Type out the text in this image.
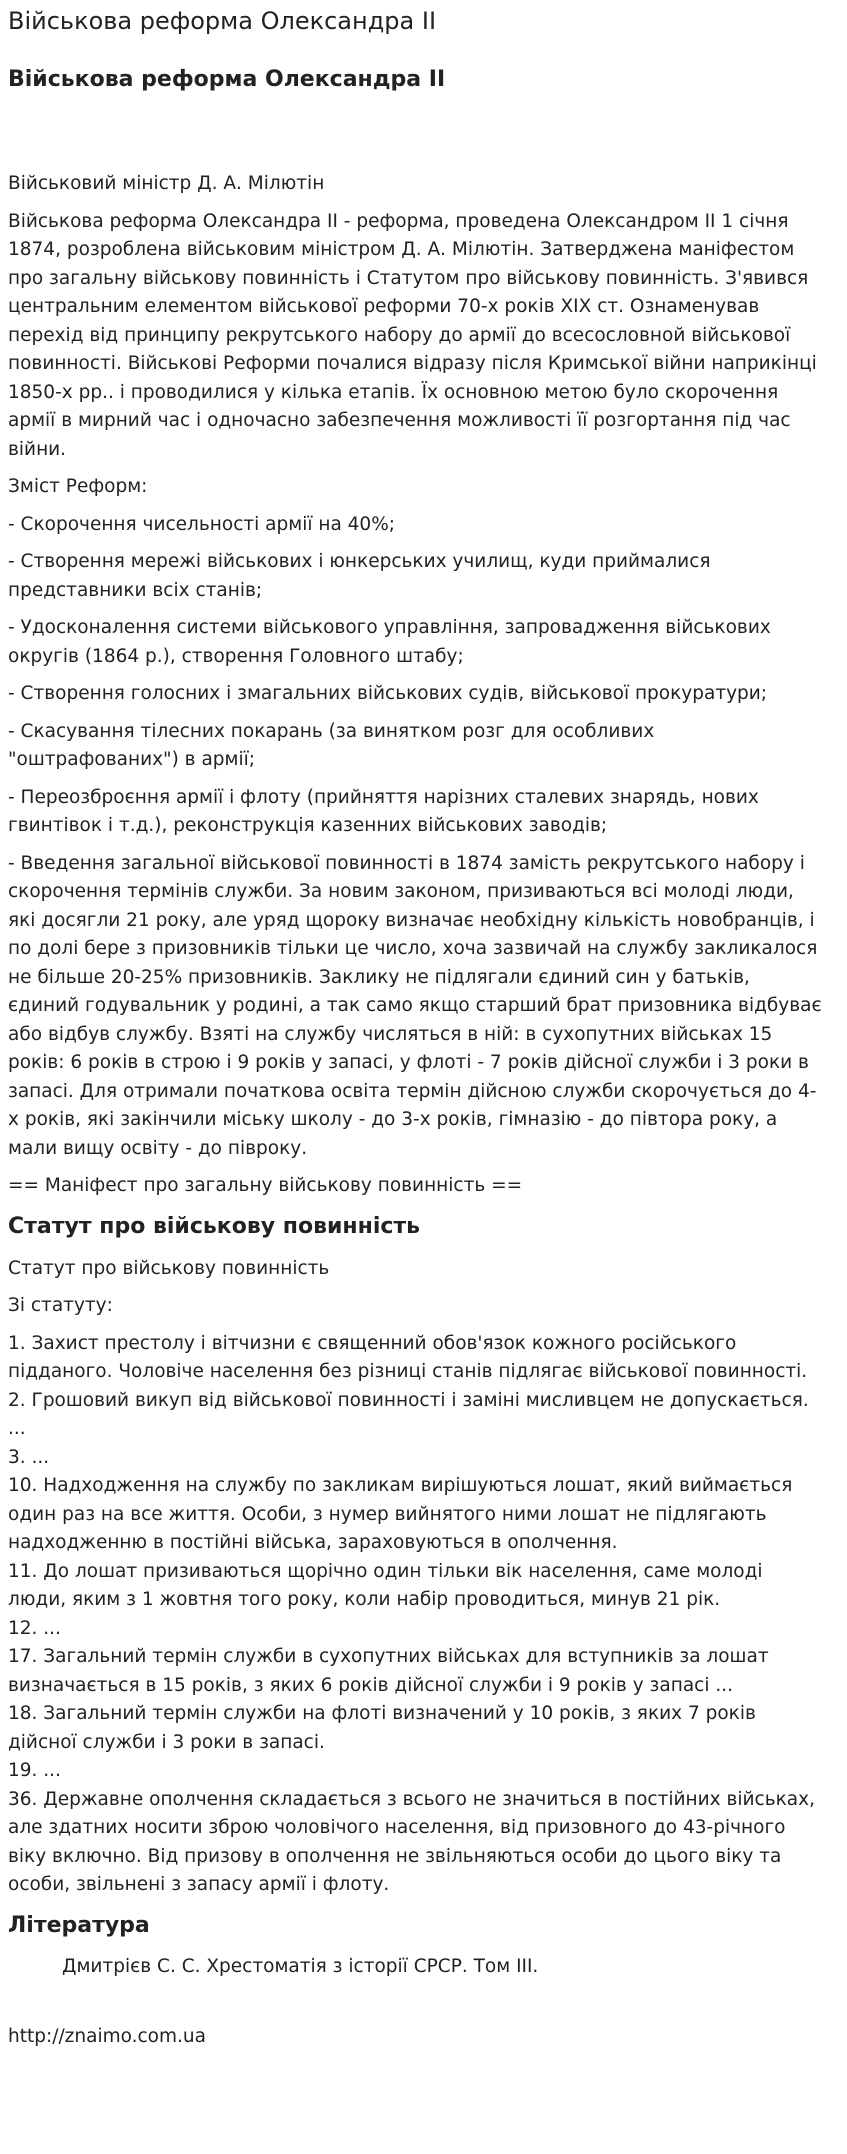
Військова реформа Олександра II
Військова реформа Олександра II

Військовий міністр Д. А. Мілютін

Військова реформа Олександра II - реформа, проведена Олександром II 1 січня 1874, розроблена військовим міністром Д. А. Мілютін. Затверджена маніфестом про загальну військову повинність і Статутом про військову повинність. З'явився центральним елементом військової реформи 70-х років XIX ст. Ознаменував перехід від принципу рекрутського набору до армії до всесословной військової повинності. Військові Реформи почалися відразу після Кримської війни наприкінці 1850-х рр.. і проводилися у кілька етапів. Їх основною метою було скорочення армії в мирний час і одночасно забезпечення можливості її розгортання під час війни.

Зміст Реформ:

- Скорочення чисельності армії на 40%;

- Створення мережі військових і юнкерських училищ, куди приймалися представники всіх станів;

- Удосконалення системи військового управління, запровадження військових округів (1864 р.), створення Головного штабу;

- Створення голосних і змагальних військових судів, військової прокуратури;

- Скасування тілесних покарань (за винятком розг для особливих "оштрафованих") в армії;

- Переозброєння армії і флоту (прийняття нарізних сталевих знарядь, нових гвинтівок і т.д.), реконструкція казенних військових заводів;

- Введення загальної військової повинності в 1874 замість рекрутського набору і скорочення термінів служби. За новим законом, призиваються всі молоді люди, які досягли 21 року, але уряд щороку визначає необхідну кількість новобранців, і по долі бере з призовників тільки це число, хоча зазвичай на службу закликалося не більше 20-25% призовників. Заклику не підлягали єдиний син у батьків, єдиний годувальник у родині, а так само якщо старший брат призовника відбуває або відбув службу. Взяті на службу числяться в ній: в сухопутних військах 15 років: 6 років в строю і 9 років у запасі, у флоті - 7 років дійсної служби і 3 роки в запасі. Для отримали початкова освіта термін дійсною служби скорочується до 4-х років, які закінчили міську школу - до 3-х років, гімназію - до півтора року, а мали вищу освіту - до півроку.

== Маніфест про загальну військову повинність ==

Статут про військову повинність

Статут про військову повинність

Зі статуту:

1. Захист престолу і вітчизни є священний обов'язок кожного російського підданого. Чоловіче населення без різниці станів підлягає військової повинності.
2. Грошовий викуп від військової повинності і заміні мисливцем не допускається.
...
3. ...
10. Надходження на службу по закликам вирішуються лошат, який виймається один раз на все життя. Особи, з нумер вийнятого ними лошат не підлягають надходженню в постійні війська, зараховуються в ополчення.
11. До лошат призиваються щорічно один тільки вік населення, саме молоді люди, яким з 1 жовтня того року, коли набір проводиться, минув 21 рік.
12. ...
17. Загальний термін служби в сухопутних військах для вступників за лошат визначається в 15 років, з яких 6 років дійсної служби і 9 років у запасі ...
18. Загальний термін служби на флоті визначений у 10 років, з яких 7 років дійсної служби і 3 роки в запасі.
19. ...
36. Державне ополчення складається з всього не значиться в постійних військах, але здатних носити зброю чоловічого населення, від призовного до 43-річного віку включно. Від призову в ополчення не звільняються особи до цього віку та особи, звільнені з запасу армії і флоту.
Література
Дмитрієв С. С. Хрестоматія з історії СРСР. Том III.
http://znaimo.com.ua
